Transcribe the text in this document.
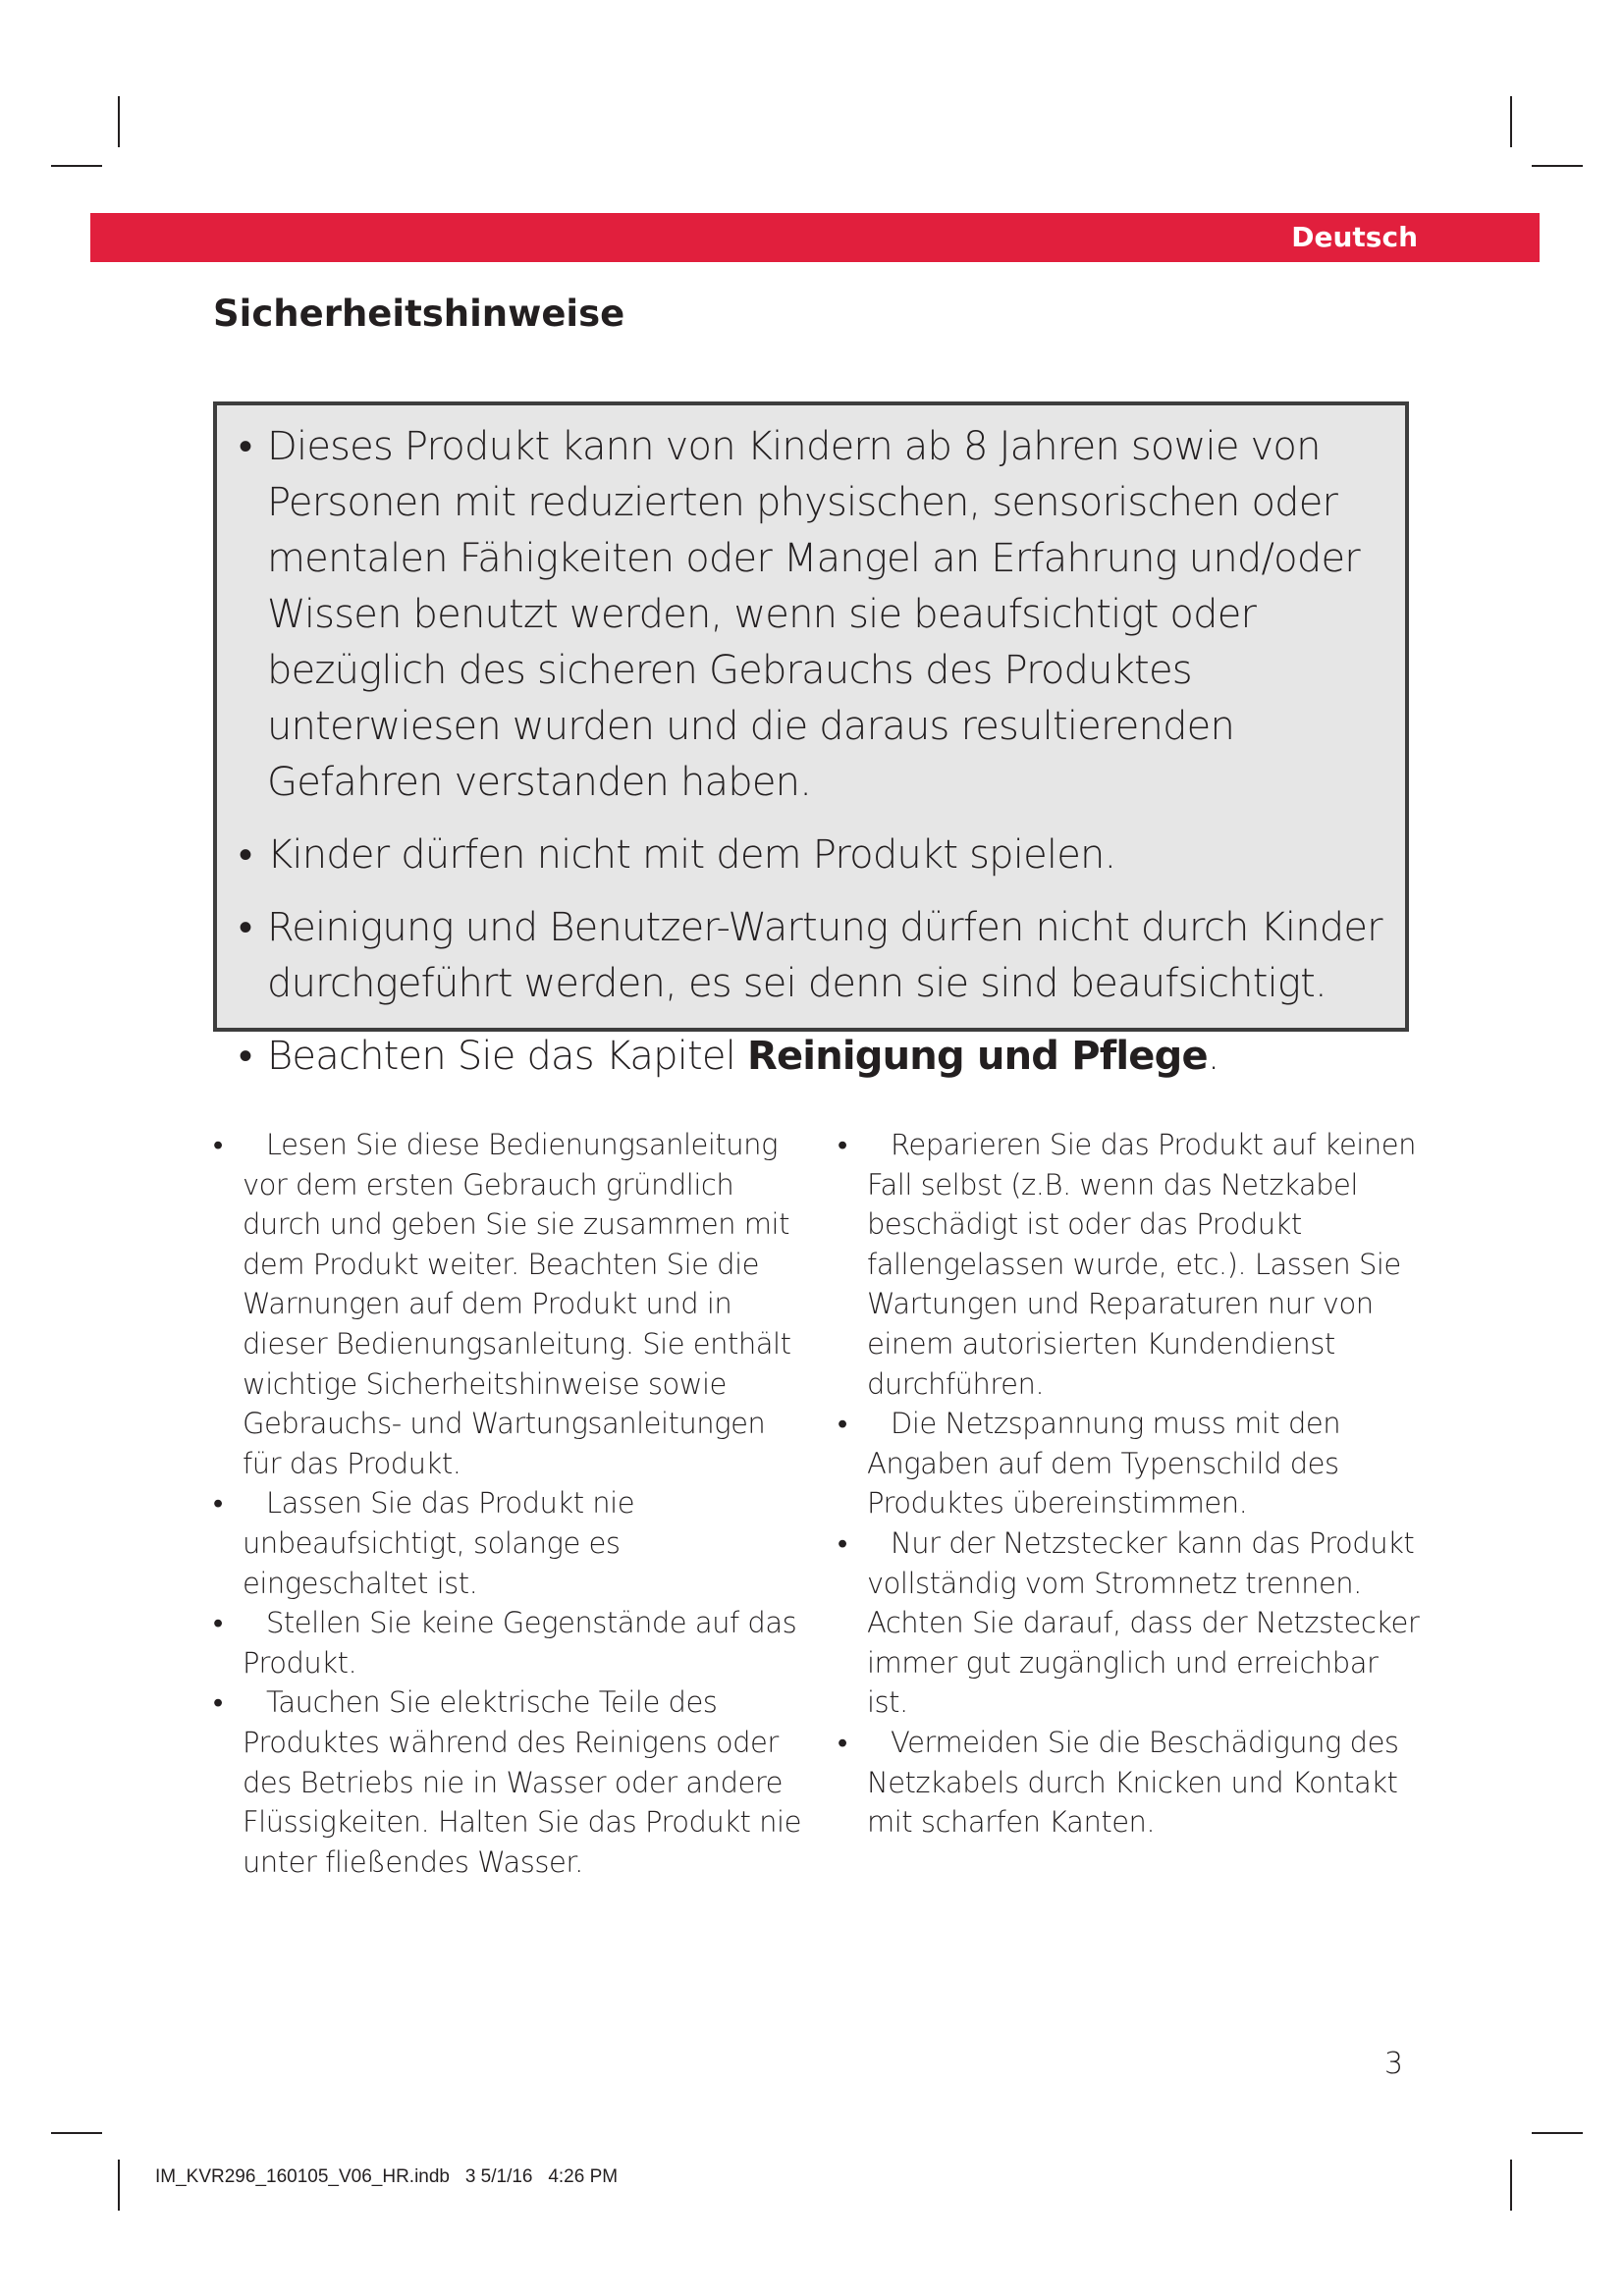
Deutsch
Sicherheitshinweise
• Dieses Produkt kann von Kindern ab 8 Jahren sowie von Personen mit reduzierten physischen, sensorischen oder mentalen Fähigkeiten oder Mangel an Erfahrung und/oder Wissen benutzt werden, wenn sie beaufsichtigt oder bezüglich des sicheren Gebrauchs des Produktes unterwiesen wurden und die daraus resultierenden Gefahren verstanden haben.
• Kinder dürfen nicht mit dem Produkt spielen.
• Reinigung und Benutzer-Wartung dürfen nicht durch Kinder durchgeführt werden, es sei denn sie sind beaufsichtigt.
• Beachten Sie das Kapitel Reinigung und Pflege.
• Lesen Sie diese Bedienungsanleitung vor dem ersten Gebrauch gründlich durch und geben Sie sie zusammen mit dem Produkt weiter. Beachten Sie die Warnungen auf dem Produkt und in dieser Bedienungsanleitung. Sie enthält wichtige Sicherheitshinweise sowie Gebrauchs- und Wartungsanleitungen für das Produkt.
• Lassen Sie das Produkt nie unbeaufsichtigt, solange es eingeschaltet ist.
• Stellen Sie keine Gegenstände auf das Produkt.
• Tauchen Sie elektrische Teile des Produktes während des Reinigens oder des Betriebs nie in Wasser oder andere Flüssigkeiten. Halten Sie das Produkt nie unter fließendes Wasser.
• Reparieren Sie das Produkt auf keinen Fall selbst (z.B. wenn das Netzkabel beschädigt ist oder das Produkt fallengelassen wurde, etc.). Lassen Sie Wartungen und Reparaturen nur von einem autorisierten Kundendienst durchführen.
• Die Netzspannung muss mit den Angaben auf dem Typenschild des Produktes übereinstimmen.
• Nur der Netzstecker kann das Produkt vollständig vom Stromnetz trennen. Achten Sie darauf, dass der Netzstecker immer gut zugänglich und erreichbar ist.
• Vermeiden Sie die Beschädigung des Netzkabels durch Knicken und Kontakt mit scharfen Kanten.
3
IM_KVR296_160105_V06_HR.indb   3 5/1/16   4:26 PM
